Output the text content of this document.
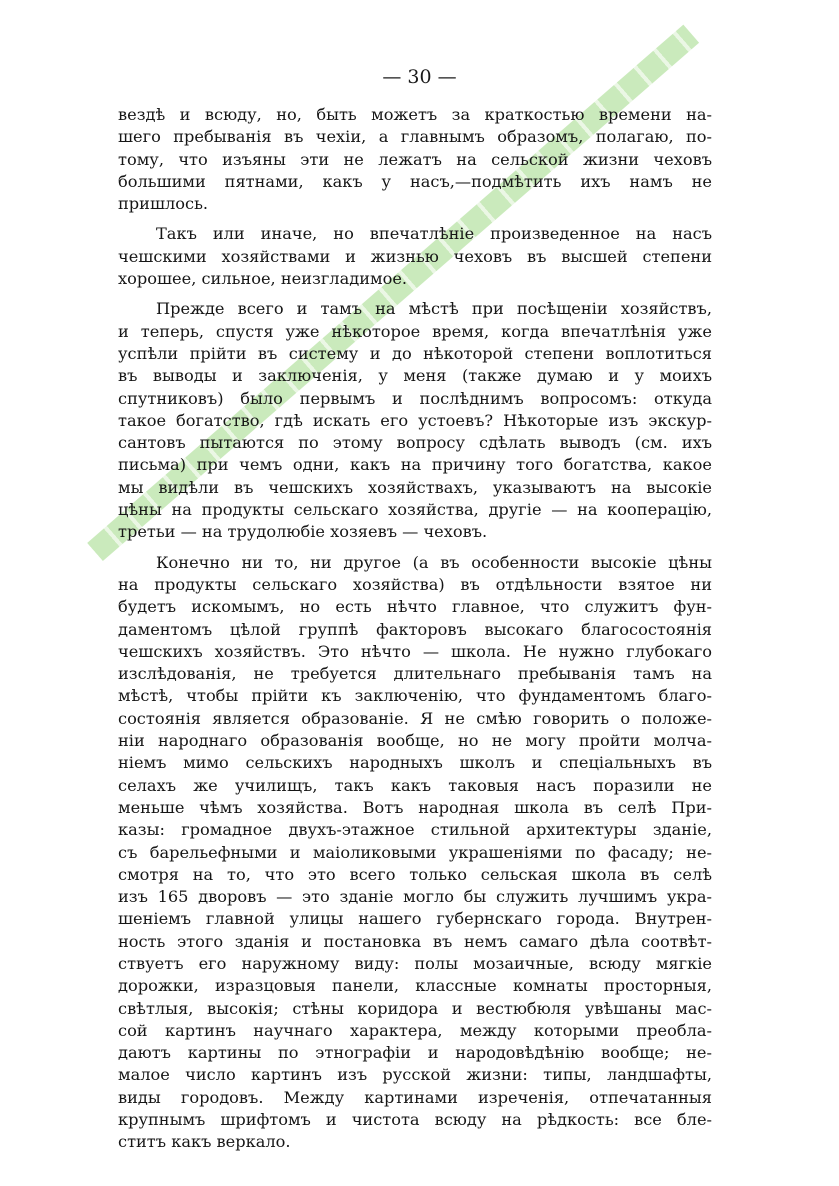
— 30 —

вездѣ и всюду, но, быть можетъ за краткостью времени на-
шего пребыванія въ чехіи, а главнымъ образомъ, полагаю, по-
тому, что изъяны эти не лежатъ на сельской жизни чеховъ
большими пятнами, какъ у насъ,—подмѣтить ихъ намъ не
пришлось.

Такъ или иначе, но впечатлѣніе произведенное на насъ
чешскими хозяйствами и жизнью чеховъ въ высшей степени
хорошее, сильное, неизгладимое.

Прежде всего и тамъ на мѣстѣ при посѣщеніи хозяйствъ,
и теперь, спустя уже нѣкоторое время, когда впечатлѣнія уже
успѣли прійти въ систему и до нѣкоторой степени воплотиться
въ выводы и заключенія, у меня (также думаю и у моихъ
спутниковъ) было первымъ и послѣднимъ вопросомъ: откуда
такое богатство, гдѣ искать его устоевъ? Нѣкоторые изъ экскур-
сантовъ пытаются по этому вопросу сдѣлать выводъ (см. ихъ
письма) при чемъ одни, какъ на причину того богатства, какое
мы видѣли въ чешскихъ хозяйствахъ, указываютъ на высокіе
цѣны на продукты сельскаго хозяйства, другіе — на кооперацію,
третьи — на трудолюбіе хозяевъ — чеховъ.

Конечно ни то, ни другое (а въ особенности высокіе цѣны
на продукты сельскаго хозяйства) въ отдѣльности взятое ни
будетъ искомымъ, но есть нѣчто главное, что служитъ фун-
даментомъ цѣлой группѣ факторовъ высокаго благосостоянія
чешскихъ хозяйствъ. Это нѣчто — школа. Не нужно глубокаго
изслѣдованія, не требуется длительнаго пребыванія тамъ на
мѣстѣ, чтобы прійти къ заключенію, что фундаментомъ благо-
состоянія является образованіе. Я не смѣю говорить о положе-
ніи народнаго образованія вообще, но не могу пройти молча-
ніемъ мимо сельскихъ народныхъ школъ и спеціальныхъ въ
селахъ же училищъ, такъ какъ таковыя насъ поразили не
меньше чѣмъ хозяйства. Вотъ народная школа въ селѣ При-
казы: громадное двухъ-этажное стильной архитектуры зданіе,
съ барельефными и маіоликовыми украшеніями по фасаду; не-
смотря на то, что это всего только сельская школа въ селѣ
изъ 165 дворовъ — это зданіе могло бы служить лучшимъ укра-
шеніемъ главной улицы нашего губернскаго города. Внутрен-
ность этого зданія и постановка въ немъ самаго дѣла соотвѣт-
ствуетъ его наружному виду: полы мозаичные, всюду мягкіе
дорожки, изразцовыя панели, классные комнаты просторныя,
свѣтлыя, высокія; стѣны коридора и вестюбюля увѣшаны мас-
сой картинъ научнаго характера, между которыми преобла-
даютъ картины по этнографіи и народовѣдѣнію вообще; не-
малое число картинъ изъ русской жизни: типы, ландшафты,
виды городовъ. Между картинами изреченія, отпечатанныя
крупнымъ шрифтомъ и чистота всюду на рѣдкость: все бле-
ститъ какъ веркало.
